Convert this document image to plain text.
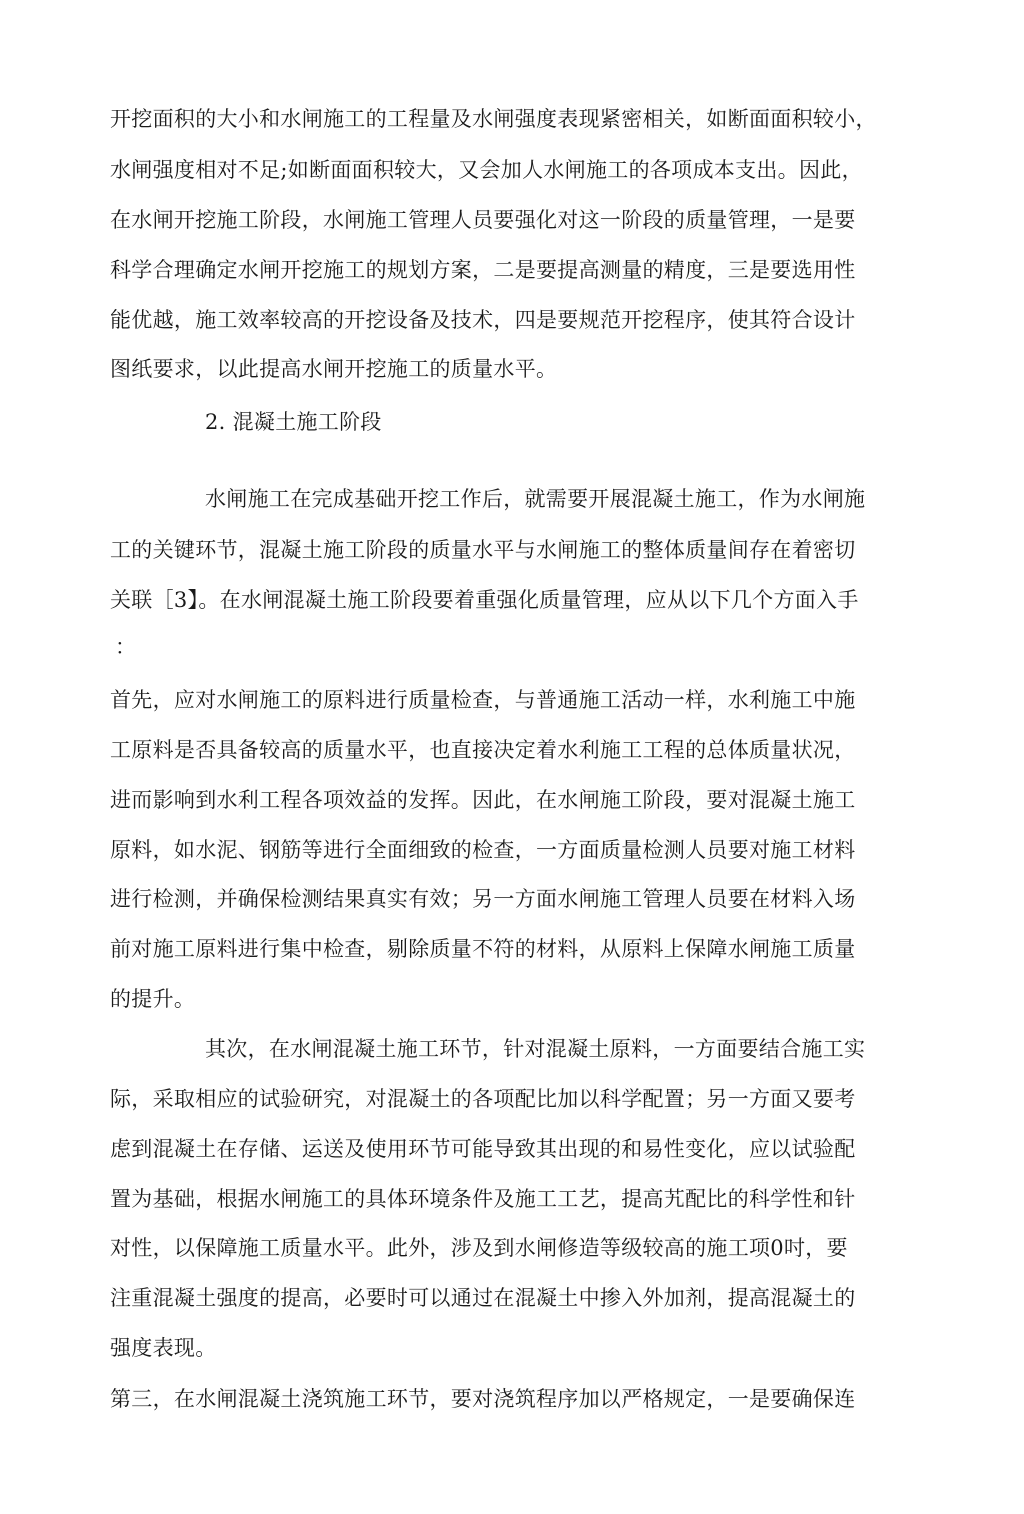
开挖面积的大小和水闸施工的工程量及水闸强度表现紧密相关，如断面面积较小，
水闸强度相对不足;如断面面积较大，又会加人水闸施工的各项成本支出。因此，
在水闸开挖施工阶段，水闸施工管理人员要强化对这一阶段的质量管理，一是要
科学合理确定水闸开挖施工的规划方案，二是要提高测量的精度，三是要选用性
能优越，施工效率较高的开挖设备及技术，四是要规范开挖程序，使其符合设计
图纸要求，以此提高水闸开挖施工的质量水平。
2. 混凝土施工阶段
水闸施工在完成基础开挖工作后，就需要开展混凝土施工，作为水闸施
工的关键环节，混凝土施工阶段的质量水平与水闸施工的整体质量间存在着密切
关联［3】。在水闸混凝土施工阶段要着重强化质量管理，应从以下几个方面入手
：
首先，应对水闸施工的原料进行质量检查，与普通施工活动一样，水利施工中施
工原料是否具备较高的质量水平，也直接决定着水利施工工程的总体质量状况，
进而影响到水利工程各项效益的发挥。因此，在水闸施工阶段，要对混凝土施工
原料，如水泥、钢筋等进行全面细致的检查，一方面质量检测人员要对施工材料
进行检测，并确保检测结果真实有效；另一方面水闸施工管理人员要在材料入场
前对施工原料进行集中检查，剔除质量不符的材料，从原料上保障水闸施工质量
的提升。
其次，在水闸混凝土施工环节，针对混凝土原料，一方面要结合施工实
际，采取相应的试验研究，对混凝土的各项配比加以科学配置；另一方面又要考
虑到混凝土在存储、运送及使用环节可能导致其出现的和易性变化，应以试验配
置为基础，根据水闸施工的具体环境条件及施工工艺，提高艽配比的科学性和针
对性，以保障施工质量水平。此外，涉及到水闸修造等级较高的施工项0吋，要
注重混凝土强度的提高，必要时可以通过在混凝土中掺入外加剂，提高混凝土的
强度表现。
第三，在水闸混凝土浇筑施工环节，要对浇筑程序加以严格规定，一是要确保连
